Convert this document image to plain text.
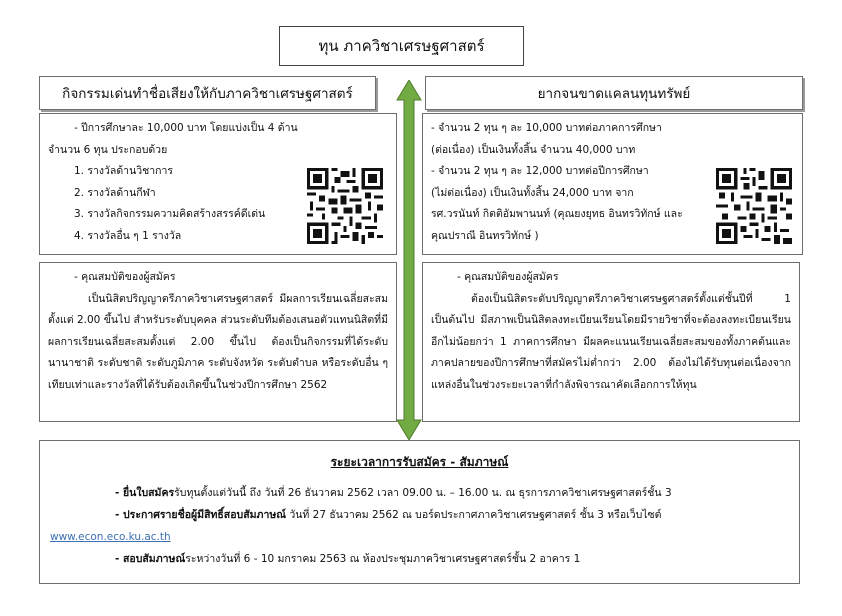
ทุน ภาควิชาเศรษฐศาสตร์
กิจกรรมเด่นทำชื่อเสียงให้กับภาควิชาเศรษฐศาสตร์	ยากจนขาดแคลนทุนทรัพย์
- ปีการศึกษาละ 10,000 บาท โดยแบ่งเป็น 4 ด้าน
จำนวน 6 ทุน ประกอบด้วย
1. รางวัลด้านวิชาการ
2. รางวัลด้านกีฬา
3. รางวัลกิจกรรมความคิดสร้างสรรค์ดีเด่น
4. รางวัลอื่น ๆ 1 รางวัล
- จำนวน 2 ทุน ๆ ละ 10,000 บาทต่อภาคการศึกษา
(ต่อเนื่อง) เป็นเงินทั้งสิ้น จำนวน 40,000 บาท
- จำนวน 2 ทุน ๆ ละ 12,000 บาทต่อปีการศึกษา
(ไม่ต่อเนื่อง) เป็นเงินทั้งสิ้น 24,000 บาท จาก
รศ.วรนันท์ กิตติอัมพานนท์ (คุณยงยุทธ อินทรวิทักษ์ และ
คุณปราณี อินทรวิทักษ์ )
- คุณสมบัติของผู้สมัคร
เป็นนิสิตปริญญาตรีภาควิชาเศรษฐศาสตร์ มีผลการเรียนเฉลี่ยสะสมตั้งแต่ 2.00 ขึ้นไป สำหรับระดับบุคคล ส่วนระดับทีมต้องเสนอตัวแทนนิสิตที่มีผลการเรียนเฉลี่ยสะสมตั้งแต่ 2.00 ขึ้นไป ต้องเป็นกิจกรรมที่ได้ระดับนานาชาติ ระดับชาติ ระดับภูมิภาค ระดับจังหวัด ระดับตำบล หรือระดับอื่น ๆ เทียบเท่าและรางวัลที่ได้รับต้องเกิดขึ้นในช่วงปีการศึกษา 2562
- คุณสมบัติของผู้สมัคร
ต้องเป็นนิสิตระดับปริญญาตรีภาควิชาเศรษฐศาสตร์ตั้งแต่ชั้นปีที่ 1 เป็นต้นไป มีสภาพเป็นนิสิตลงทะเบียนเรียนโดยมีรายวิชาที่จะต้องลงทะเบียนเรียนอีกไม่น้อยกว่า 1 ภาคการศึกษา มีผลคะแนนเรียนเฉลี่ยสะสมของทั้งภาคต้นและภาคปลายของปีการศึกษาที่สมัครไม่ต่ำกว่า 2.00 ต้องไม่ได้รับทุนต่อเนื่องจากแหล่งอื่นในช่วงระยะเวลาที่กำลังพิจารณาคัดเลือกการให้ทุน
ระยะเวลาการรับสมัคร - สัมภาษณ์
- ยื่นใบสมัครรับทุนตั้งแต่วันนี้ ถึง วันที่ 26 ธันวาคม 2562 เวลา 09.00 น. – 16.00 น. ณ ธุรการภาควิชาเศรษฐศาสตร์ชั้น 3
- ประกาศรายชื่อผู้มีสิทธิ์สอบสัมภาษณ์ วันที่ 27 ธันวาคม 2562 ณ บอร์ดประกาศภาควิชาเศรษฐศาสตร์ ชั้น 3 หรือเว็บไซต์
www.econ.eco.ku.ac.th
- สอบสัมภาษณ์ระหว่างวันที่ 6 - 10 มกราคม 2563 ณ ห้องประชุมภาควิชาเศรษฐศาสตร์ชั้น 2 อาคาร 1
